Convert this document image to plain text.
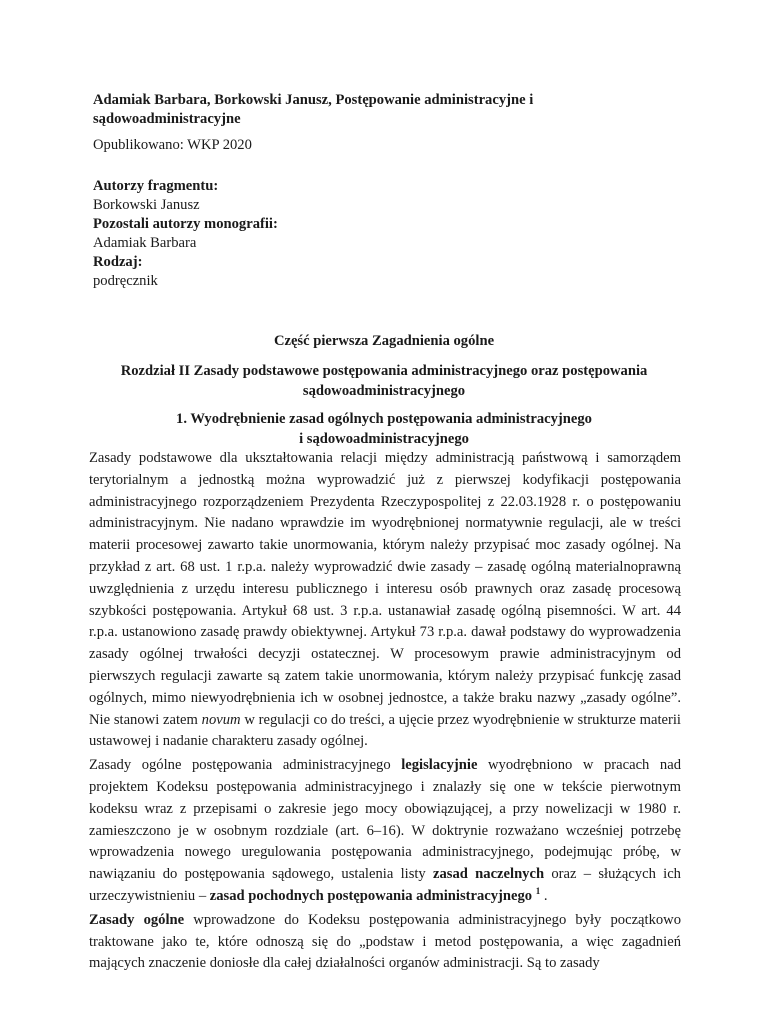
Adamiak Barbara, Borkowski Janusz, Postępowanie administracyjne i sądowoadministracyjne
Opublikowano: WKP 2020
Autorzy fragmentu:
Borkowski Janusz
Pozostali autorzy monografii:
Adamiak Barbara
Rodzaj:
podręcznik
Część pierwsza Zagadnienia ogólne
Rozdział II Zasady podstawowe postępowania administracyjnego oraz postępowania
sądowoadministracyjnego
1. Wyodrębnienie zasad ogólnych postępowania administracyjnego
i sądowoadministracyjnego

Zasady podstawowe dla ukształtowania relacji między administracją państwową i samorządem terytorialnym a jednostką można wyprowadzić już z pierwszej kodyfikacji postępowania administracyjnego rozporządzeniem Prezydenta Rzeczypospolitej z 22.03.1928 r. o postępowaniu administracyjnym. Nie nadano wprawdzie im wyodrębnionej normatywnie regulacji, ale w treści materii procesowej zawarto takie unormowania, którym należy przypisać moc zasady ogólnej. Na przykład z art. 68 ust. 1 r.p.a. należy wyprowadzić dwie zasady – zasadę ogólną materialnoprawną uwzględnienia z urzędu interesu publicznego i interesu osób prawnych oraz zasadę procesową szybkości postępowania. Artykuł 68 ust. 3 r.p.a. ustanawiał zasadę ogólną pisemności. W art. 44 r.p.a. ustanowiono zasadę prawdy obiektywnej. Artykuł 73 r.p.a. dawał podstawy do wyprowadzenia zasady ogólnej trwałości decyzji ostatecznej. W procesowym prawie administracyjnym od pierwszych regulacji zawarte są zatem takie unormowania, którym należy przypisać funkcję zasad ogólnych, mimo niewyodrębnienia ich w osobnej jednostce, a także braku nazwy „zasady ogólne”. Nie stanowi zatem novum w regulacji co do treści, a ujęcie przez wyodrębnienie w strukturze materii ustawowej i nadanie charakteru zasady ogólnej.

Zasady ogólne postępowania administracyjnego legislacyjnie wyodrębniono w pracach nad projektem Kodeksu postępowania administracyjnego i znalazły się one w tekście pierwotnym kodeksu wraz z przepisami o zakresie jego mocy obowiązującej, a przy nowelizacji w 1980 r. zamieszczono je w osobnym rozdziale (art. 6–16). W doktrynie rozważano wcześniej potrzebę wprowadzenia nowego uregulowania postępowania administracyjnego, podejmując próbę, w nawiązaniu do postępowania sądowego, ustalenia listy zasad naczelnych oraz – służących ich urzeczywistnieniu – zasad pochodnych postępowania administracyjnego $^1$ .

Zasady ogólne wprowadzone do Kodeksu postępowania administracyjnego były początkowo traktowane jako te, które odnoszą się do „podstaw i metod postępowania, a więc zagadnień mających znaczenie doniosłe dla całej działalności organów administracji. Są to zasady
